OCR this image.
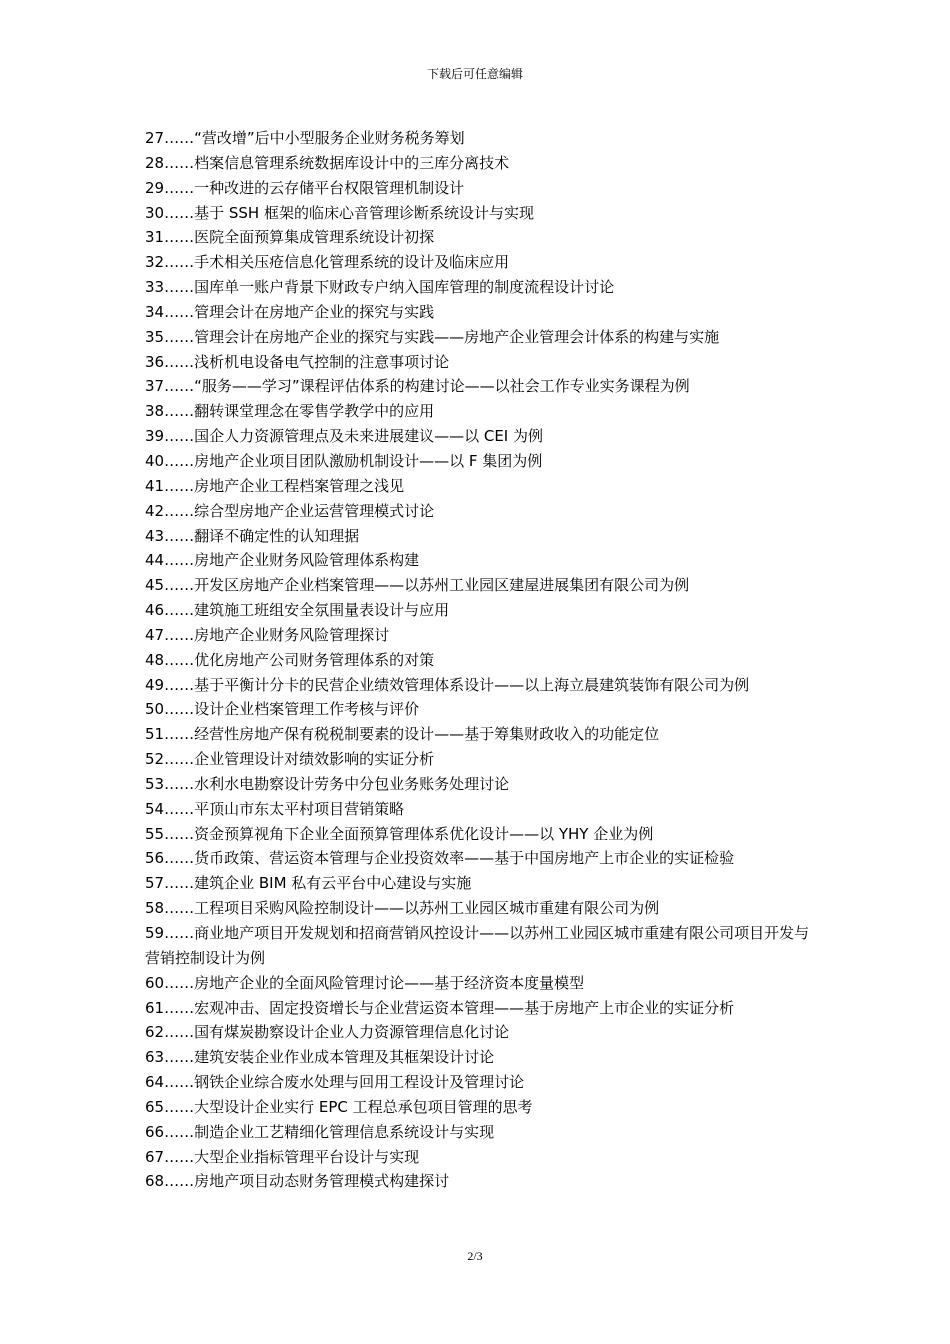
下载后可任意编辑
27……“营改增”后中小型服务企业财务税务筹划
28……档案信息管理系统数据库设计中的三库分离技术
29……一种改进的云存储平台权限管理机制设计
30……基于 SSH 框架的临床心音管理诊断系统设计与实现
31……医院全面预算集成管理系统设计初探
32……手术相关压疮信息化管理系统的设计及临床应用
33……国库单一账户背景下财政专户纳入国库管理的制度流程设计讨论
34……管理会计在房地产企业的探究与实践
35……管理会计在房地产企业的探究与实践——房地产企业管理会计体系的构建与实施
36……浅析机电设备电气控制的注意事项讨论
37……“服务——学习”课程评估体系的构建讨论——以社会工作专业实务课程为例
38……翻转课堂理念在零售学教学中的应用
39……国企人力资源管理点及未来进展建议——以 CEI 为例
40……房地产企业项目团队激励机制设计——以 F 集团为例
41……房地产企业工程档案管理之浅见
42……综合型房地产企业运营管理模式讨论
43……翻译不确定性的认知理据
44……房地产企业财务风险管理体系构建
45……开发区房地产企业档案管理——以苏州工业园区建屋进展集团有限公司为例
46……建筑施工班组安全氛围量表设计与应用
47……房地产企业财务风险管理探讨
48……优化房地产公司财务管理体系的对策
49……基于平衡计分卡的民营企业绩效管理体系设计——以上海立晨建筑装饰有限公司为例
50……设计企业档案管理工作考核与评价
51……经营性房地产保有税税制要素的设计——基于筹集财政收入的功能定位
52……企业管理设计对绩效影响的实证分析
53……水利水电勘察设计劳务中分包业务账务处理讨论
54……平顶山市东太平村项目营销策略
55……资金预算视角下企业全面预算管理体系优化设计——以 YHY 企业为例
56……货币政策、营运资本管理与企业投资效率——基于中国房地产上市企业的实证检验
57……建筑企业 BIM 私有云平台中心建设与实施
58……工程项目采购风险控制设计——以苏州工业园区城市重建有限公司为例
59……商业地产项目开发规划和招商营销风控设计——以苏州工业园区城市重建有限公司项目开发与营销控制设计为例
60……房地产企业的全面风险管理讨论——基于经济资本度量模型
61……宏观冲击、固定投资增长与企业营运资本管理——基于房地产上市企业的实证分析
62……国有煤炭勘察设计企业人力资源管理信息化讨论
63……建筑安装企业作业成本管理及其框架设计讨论
64……钢铁企业综合废水处理与回用工程设计及管理讨论
65……大型设计企业实行 EPC 工程总承包项目管理的思考
66……制造企业工艺精细化管理信息系统设计与实现
67……大型企业指标管理平台设计与实现
68……房地产项目动态财务管理模式构建探讨
2/3
